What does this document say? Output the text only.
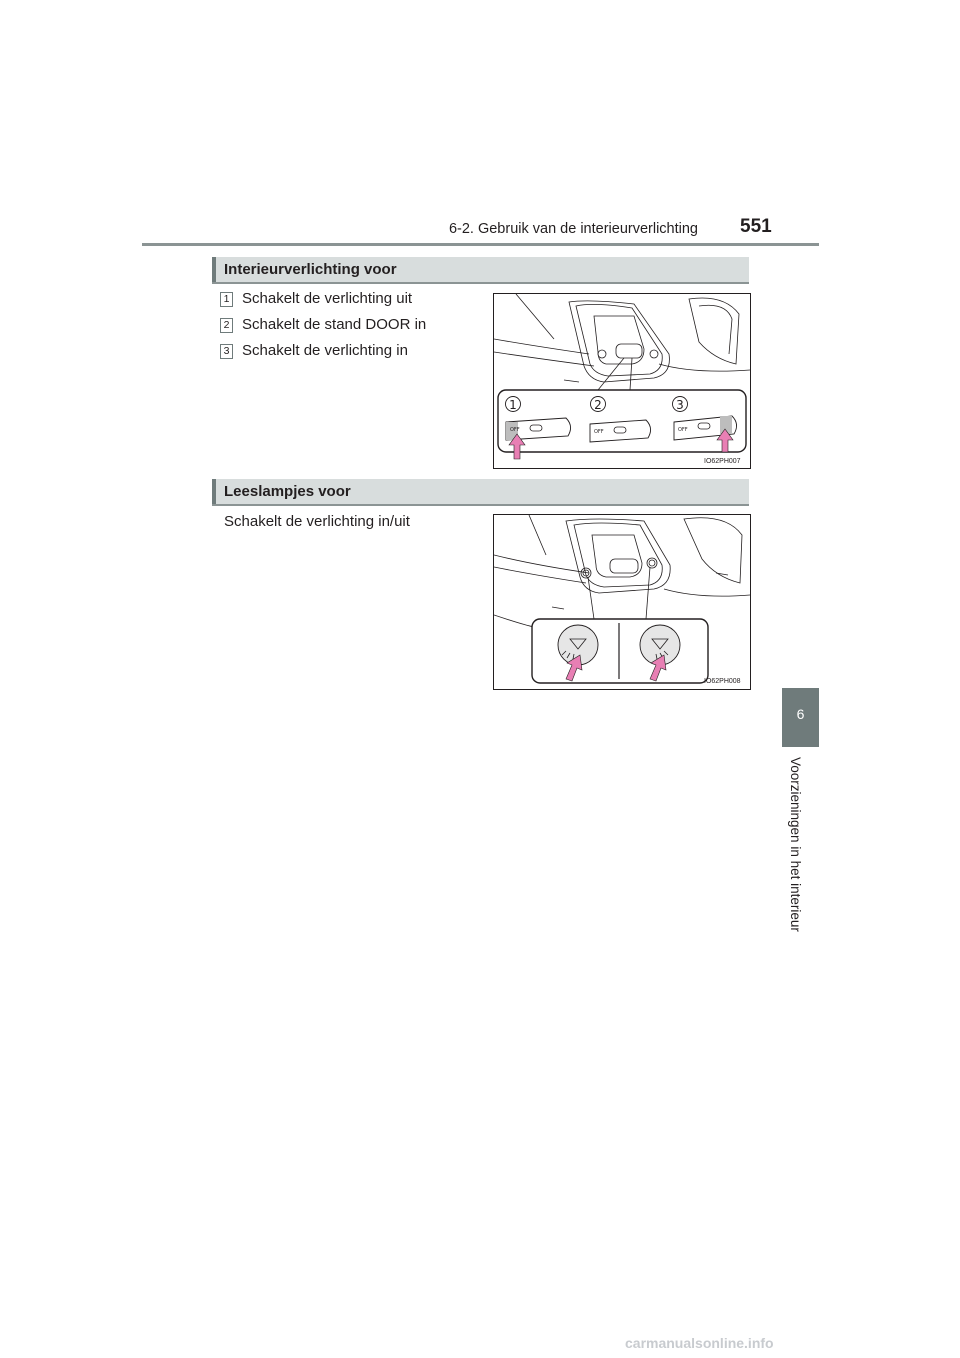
6-2. Gebruik van de interieurverlichting 551
6
Voorzieningen in het interieur
Interieurverlichting voor
1 Schakelt de verlichting uit
2 Schakelt de stand DOOR in
3 Schakelt de verlichting in
1	2	3
OFF	OFF	OFF
IO62PH007
Leeslampjes voor
Schakelt de verlichting in/uit
IO62PH008
carmanualsonline.info
